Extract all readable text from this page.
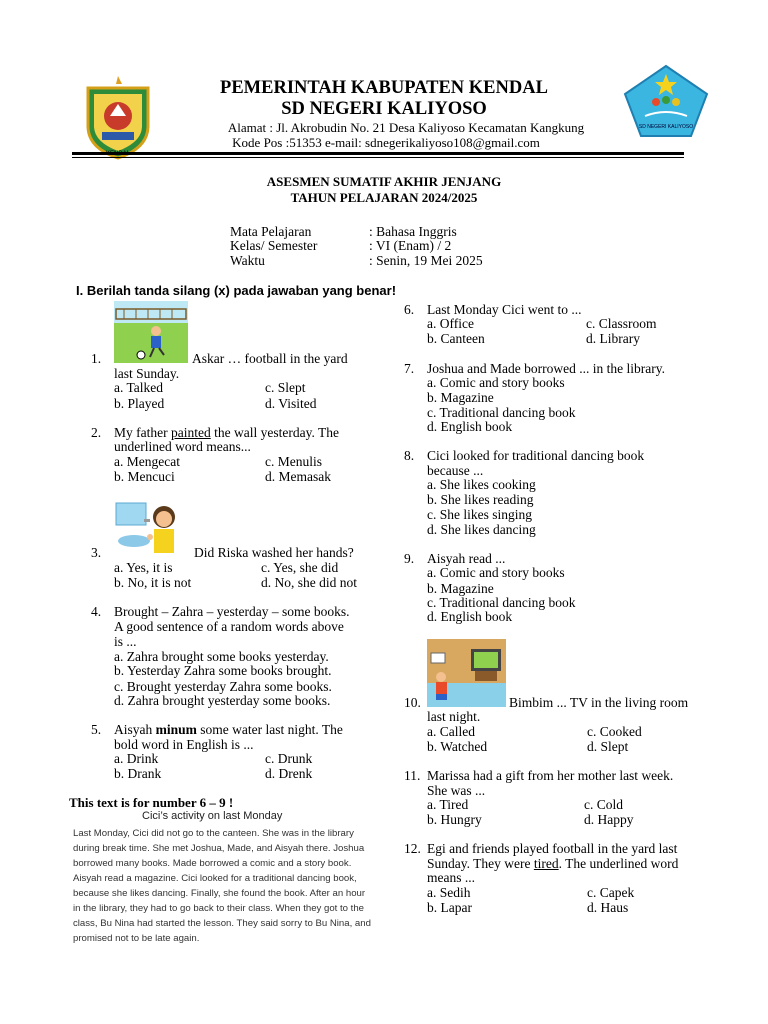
PEMERINTAH KABUPATEN KENDAL
SD NEGERI KALIYOSO
Alamat : Jl. Akrobudin No. 21 Desa Kaliyoso Kecamatan Kangkung
Kode Pos :51353 e-mail: sdnegerikaliyoso108@gmail.com
SD NEGERI KALIYOSO
ASESMEN SUMATIF AKHIR JENJANG
TAHUN PELAJARAN 2024/2025
Mata Pelajaran	: Bahasa Inggris
Kelas/ Semester	: VI (Enam) / 2
Waktu	: Senin, 19 Mei 2025
I. Berilah tanda silang (x) pada jawaban yang benar!
1.	Askar … football in the yard
last Sunday.
a. Talked	c. Slept
b. Played	d. Visited
2. My father painted the wall yesterday. The
underlined word means...
a. Mengecat	c. Menulis
b. Mencuci	d. Memasak
3.	Did Riska washed her hands?
a. Yes, it is	c. Yes, she did
b. No, it is not	d. No, she did not
4. Brought – Zahra – yesterday – some books.
A good sentence of a random words above
is ...
a. Zahra brought some books yesterday.
b. Yesterday Zahra some books brought.
c. Brought yesterday Zahra some books.
d. Zahra brought yesterday some books.
5. Aisyah minum some water last night. The
bold word in English is ...
a. Drink	c. Drunk
b. Drank	d. Drenk
This text is for number 6 – 9 !
Cici’s activity on last Monday
Last Monday, Cici did not go to the canteen. She was in the library
during break time. She met Joshua, Made, and Aisyah there. Joshua
borrowed many books. Made borrowed a comic and a story book.
Aisyah read a magazine. Cici looked for a traditional dancing book,
because she likes dancing. Finally, she found the book. After an hour
in the library, they had to go back to their class. When they got to the
class, Bu Nina had started the lesson. They said sorry to Bu Nina, and
promised not to be late again.
6. Last Monday Cici went to ...
a. Office	c. Classroom
b. Canteen	d. Library
7. Joshua and Made borrowed ... in the library.
a. Comic and story books
b. Magazine
c. Traditional dancing book
d. English book
8. Cici looked for traditional dancing book
because ...
a. She likes cooking
b. She likes reading
c. She likes singing
d. She likes dancing
9. Aisyah read ...
a. Comic and story books
b. Magazine
c. Traditional dancing book
d. English book
10.	Bimbim ... TV in the living room
last night.
a. Called	c. Cooked
b. Watched	d. Slept
11. Marissa had a gift from her mother last week.
She was ...
a. Tired	c. Cold
b. Hungry	d. Happy
12. Egi and friends played football in the yard last
Sunday. They were tired. The underlined word
means ...
a. Sedih	c. Capek
b. Lapar	d. Haus
